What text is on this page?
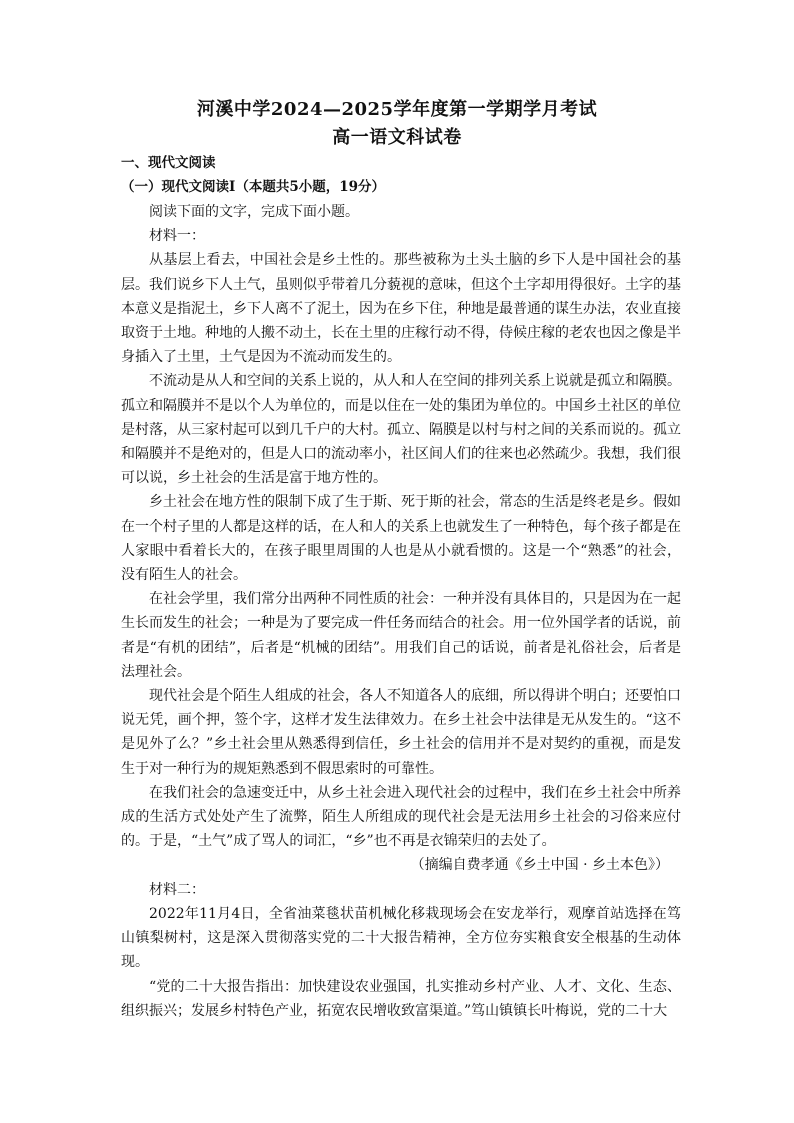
河溪中学2024—2025学年度第一学期学月考试
高一语文科试卷
一、现代文阅读
（一）现代文阅读Ⅰ（本题共5小题，19分）

阅读下面的文字，完成下面小题。

材料一：

从基层上看去，中国社会是乡土性的。那些被称为土头土脑的乡下人是中国社会的基层。我们说乡下人土气，虽则似乎带着几分藐视的意味，但这个土字却用得很好。土字的基本意义是指泥土，乡下人离不了泥土，因为在乡下住，种地是最普通的谋生办法，农业直接取资于土地。种地的人搬不动土，长在土里的庄稼行动不得，侍候庄稼的老农也因之像是半身插入了土里，土气是因为不流动而发生的。

不流动是从人和空间的关系上说的，从人和人在空间的排列关系上说就是孤立和隔膜。孤立和隔膜并不是以个人为单位的，而是以住在一处的集团为单位的。中国乡土社区的单位是村落，从三家村起可以到几千户的大村。孤立、隔膜是以村与村之间的关系而说的。孤立和隔膜并不是绝对的，但是人口的流动率小，社区间人们的往来也必然疏少。我想，我们很可以说，乡土社会的生活是富于地方性的。

乡土社会在地方性的限制下成了生于斯、死于斯的社会，常态的生活是终老是乡。假如在一个村子里的人都是这样的话，在人和人的关系上也就发生了一种特色，每个孩子都是在人家眼中看着长大的，在孩子眼里周围的人也是从小就看惯的。这是一个“熟悉”的社会，没有陌生人的社会。

在社会学里，我们常分出两种不同性质的社会：一种并没有具体目的，只是因为在一起生长而发生的社会；一种是为了要完成一件任务而结合的社会。用一位外国学者的话说，前者是“有机的团结”，后者是“机械的团结”。用我们自己的话说，前者是礼俗社会，后者是法理社会。

现代社会是个陌生人组成的社会，各人不知道各人的底细，所以得讲个明白；还要怕口说无凭，画个押，签个字，这样才发生法律效力。在乡土社会中法律是无从发生的。“这不是见外了么？”乡土社会里从熟悉得到信任，乡土社会的信用并不是对契约的重视，而是发生于对一种行为的规矩熟悉到不假思索时的可靠性。

在我们社会的急速变迁中，从乡土社会进入现代社会的过程中，我们在乡土社会中所养成的生活方式处处产生了流弊，陌生人所组成的现代社会是无法用乡土社会的习俗来应付的。于是，“土气”成了骂人的词汇，“乡”也不再是衣锦荣归的去处了。

（摘编自费孝通《乡土中国 · 乡土本色》）

材料二：

2022年11月4日，全省油菜毯状苗机械化移栽现场会在安龙举行，观摩首站选择在笃山镇梨树村，这是深入贯彻落实党的二十大报告精神，全方位夯实粮食安全根基的生动体现。

“党的二十大报告指出：加快建设农业强国，扎实推动乡村产业、人才、文化、生态、组织振兴；发展乡村特色产业，拓宽农民增收致富渠道。”笃山镇镇长叶梅说，党的二十大
